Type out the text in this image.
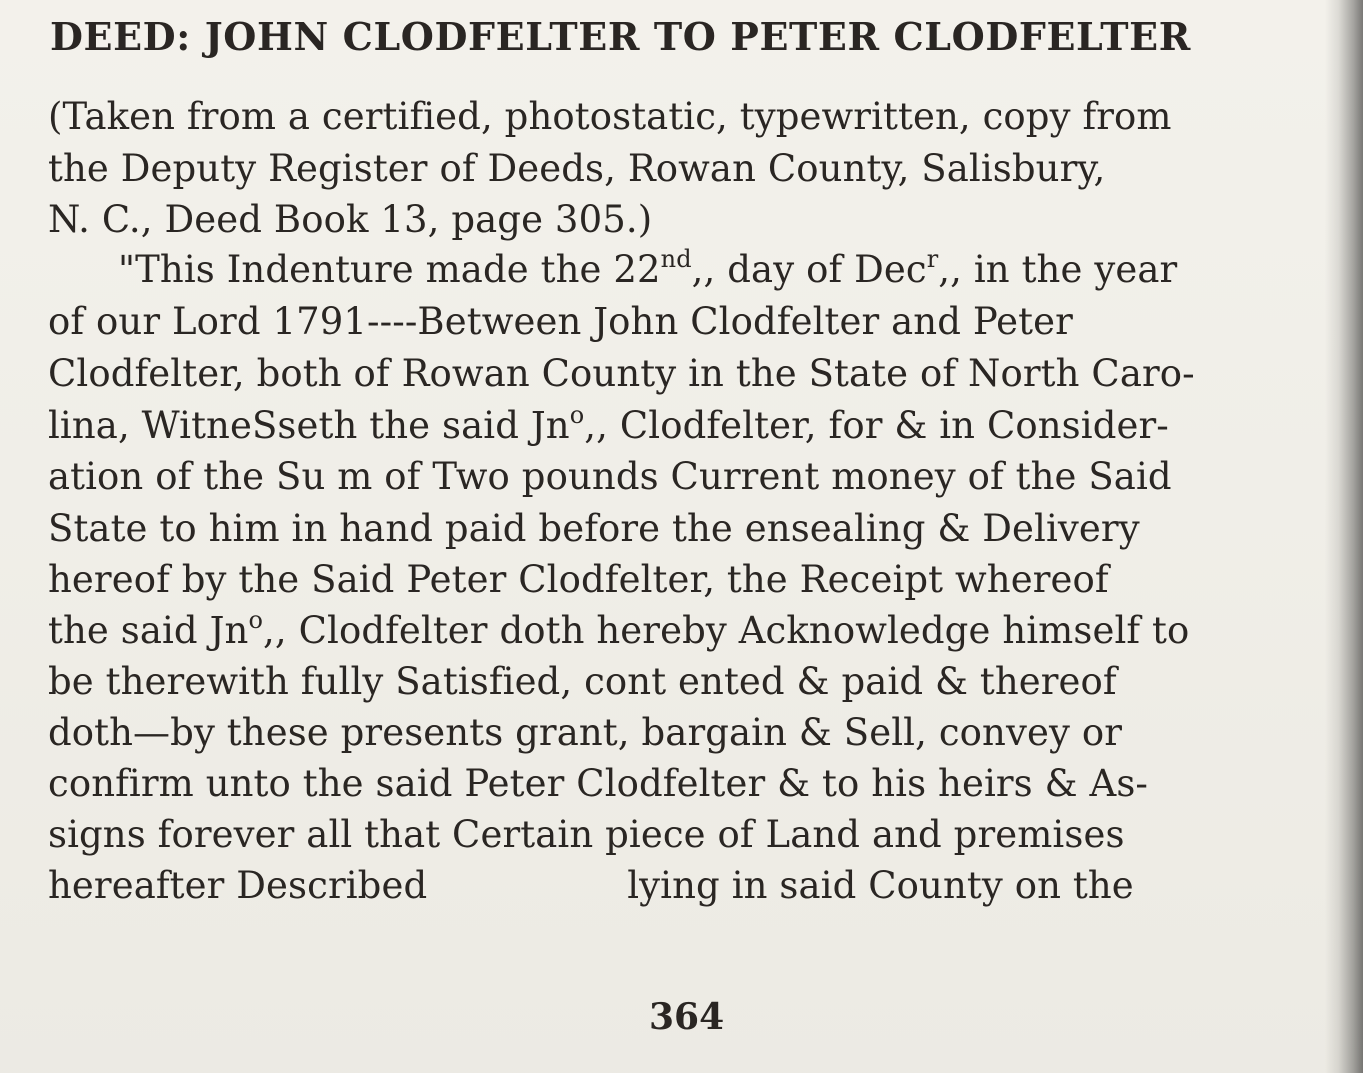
DEED: JOHN CLODFELTER TO PETER CLODFELTER
(Taken from a certified, photostatic, typewritten, copy from
the Deputy Register of Deeds, Rowan County, Salisbury,
N. C., Deed Book 13, page 305.)
"This Indenture made the 22nd,, day of Dec$^r$,, in the year
of our Lord 1791----Between John Clodfelter and Peter
Clodfelter, both of Rowan County in the State of North Caro-
lina, WitneSseth the said Jn$^o$,, Clodfelter, for & in Consider-
ation of the Su m of Two pounds Current money of the Said
State to him in hand paid before the ensealing & Delivery
hereof by the Said Peter Clodfelter, the Receipt whereof
the said Jn$^o$,, Clodfelter doth hereby Acknowledge himself to
be therewith fully Satisfied, cont ented & paid & thereof
doth—by these presents grant, bargain & Sell, convey or
confirm unto the said Peter Clodfelter & to his heirs & As-
signs forever all that Certain piece of Land and premises
hereafter Described	lying in said County on the
364
